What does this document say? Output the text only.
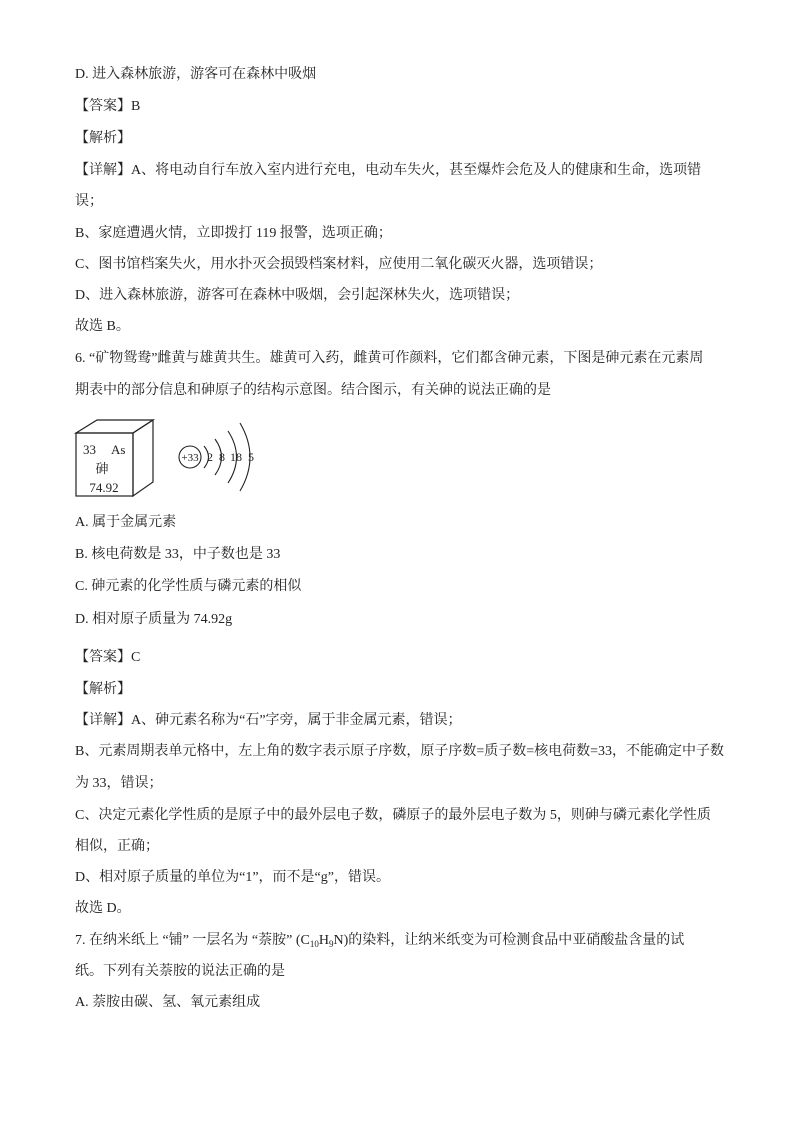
D. 进入森林旅游，游客可在森林中吸烟
【答案】B
【解析】
【详解】A、将电动自行车放入室内进行充电，电动车失火，甚至爆炸会危及人的健康和生命，选项错
误；
B、家庭遭遇火情，立即拨打 119 报警，选项正确；
C、图书馆档案失火，用水扑灭会损毁档案材料，应使用二氧化碳灭火器，选项错误；
D、进入森林旅游，游客可在森林中吸烟，会引起深林失火，选项错误；
故选 B。
6. “矿物鸳鸯”雌黄与雄黄共生。雄黄可入药，雌黄可作颜料，它们都含砷元素，下图是砷元素在元素周
期表中的部分信息和砷原子的结构示意图。结合图示，有关砷的说法正确的是
33 As
砷
74.92
+33 2 8 18 5
A. 属于金属元素
B. 核电荷数是 33，中子数也是 33
C. 砷元素的化学性质与磷元素的相似
D. 相对原子质量为 74.92g
【答案】C
【解析】
【详解】A、砷元素名称为“石”字旁，属于非金属元素，错误；
B、元素周期表单元格中，左上角的数字表示原子序数，原子序数=质子数=核电荷数=33，不能确定中子数
为 33，错误；
C、决定元素化学性质的是原子中的最外层电子数，磷原子的最外层电子数为 5，则砷与磷元素化学性质
相似，正确；
D、相对原子质量的单位为“1”，而不是“g”，错误。
故选 D。
7. 在纳米纸上 “铺” 一层名为 “萘胺” $(C_{10}H_9N)$的染料，让纳米纸变为可检测食品中亚硝酸盐含量的试
纸。下列有关萘胺的说法正确的是
A. 萘胺由碳、氢、氧元素组成
